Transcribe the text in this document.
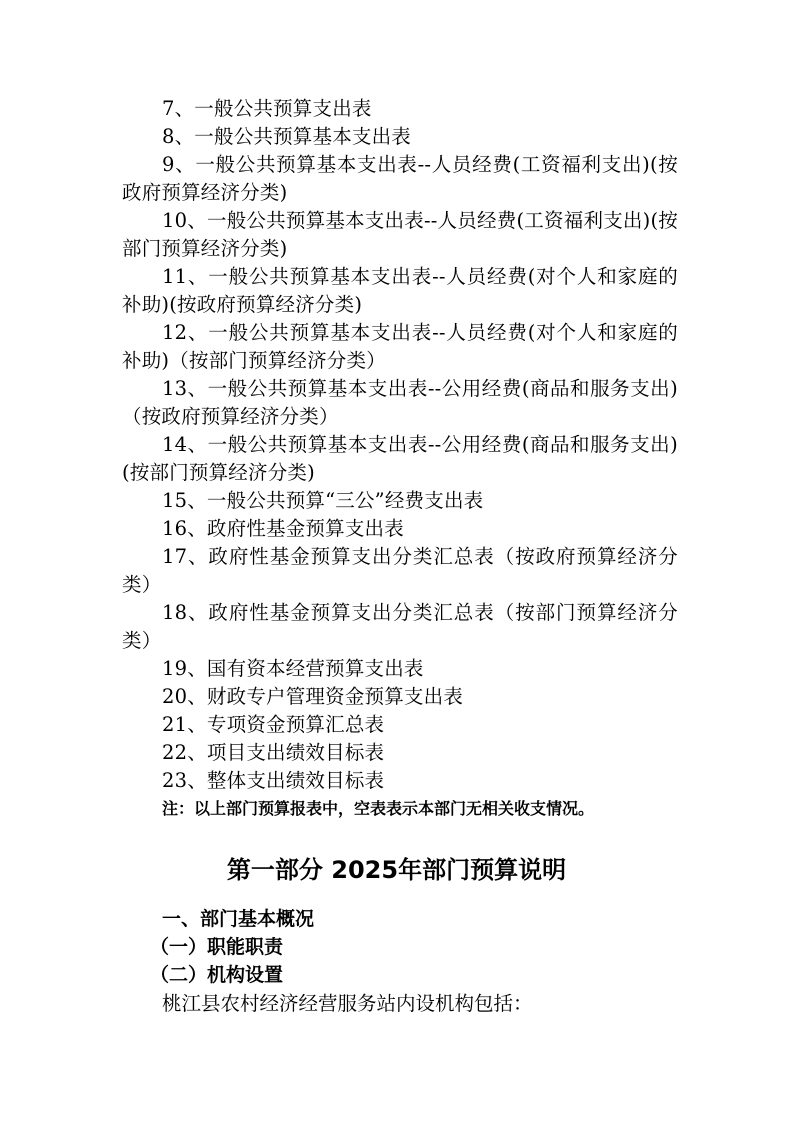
7、一般公共预算支出表
8、一般公共预算基本支出表
9、一般公共预算基本支出表--人员经费(工资福利支出)(按政府预算经济分类)
10、一般公共预算基本支出表--人员经费(工资福利支出)(按部门预算经济分类)
11、一般公共预算基本支出表--人员经费(对个人和家庭的补助)(按政府预算经济分类)
12、一般公共预算基本支出表--人员经费(对个人和家庭的补助)（按部门预算经济分类）
13、一般公共预算基本支出表--公用经费(商品和服务支出)（按政府预算经济分类）
14、一般公共预算基本支出表--公用经费(商品和服务支出)(按部门预算经济分类)
15、一般公共预算“三公”经费支出表
16、政府性基金预算支出表
17、政府性基金预算支出分类汇总表（按政府预算经济分类）
18、政府性基金预算支出分类汇总表（按部门预算经济分类）
19、国有资本经营预算支出表
20、财政专户管理资金预算支出表
21、专项资金预算汇总表
22、项目支出绩效目标表
23、整体支出绩效目标表
注：以上部门预算报表中，空表表示本部门无相关收支情况。
第一部分 2025年部门预算说明
一、部门基本概况
（一）职能职责
（二）机构设置
桃江县农村经济经营服务站内设机构包括：
